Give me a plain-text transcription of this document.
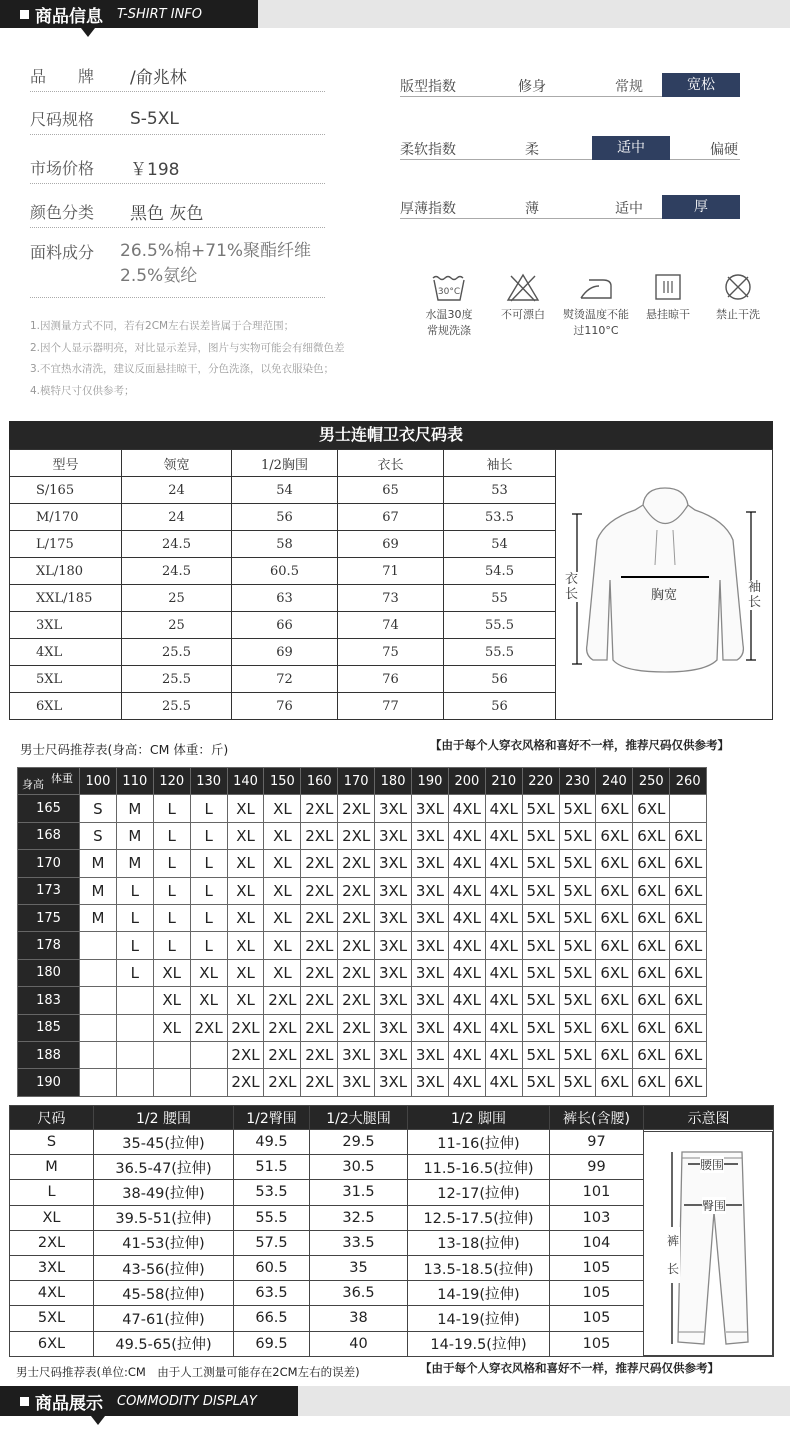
商品信息 T-SHIRT INFO
品　　牌	/俞兆林
尺码规格	S-5XL
市场价格	￥198
颜色分类	黑色 灰色
面料成分	26.5%棉+71%聚酯纤维
2.5%氨纶
版型指数	修身	常规	宽松
柔软指数	柔	适中	偏硬
厚薄指数	薄	适中	厚
30°C
水温30度
常规洗涤
不可漂白	熨烫温度不能
过110°C
悬挂晾干	禁止干洗
1.因测量方式不同，若有2CM左右误差皆属于合理范围；
2.因个人显示器明亮，对比显示差异，图片与实物可能会有细微色差
3.不宜热水清洗，建议反面悬挂晾干，分色洗涤，以免衣服染色；
4.模特尺寸仅供参考；
男士连帽卫衣尺码表
型号	领宽	1/2胸围	衣长	袖长
S/165	24	54	65	53
M/170	24	56	67	53.5
L/175	24.5	58	69	54
XL/180	24.5	60.5	71	54.5
XXL/185	25	63	73	55
3XL	25	66	74	55.5
4XL	25.5	69	75	55.5
5XL	25.5	72	76	56
6XL	25.5	76	77	56
胸宽
衣长	袖长
男士尺码推荐表(身高：CM 体重：斤)	【由于每个人穿衣风格和喜好不一样，推荐尺码仅供参考】
体重
身高	100	110	120	130	140	150	160	170	180	190	200	210	220	230	240	250	260
165	S	M	L	L	XL	XL	2XL	2XL	3XL	3XL	4XL	4XL	5XL	5XL	6XL	6XL	
168	S	M	L	L	XL	XL	2XL	2XL	3XL	3XL	4XL	4XL	5XL	5XL	6XL	6XL	6XL
170	M	M	L	L	XL	XL	2XL	2XL	3XL	3XL	4XL	4XL	5XL	5XL	6XL	6XL	6XL
173	M	L	L	L	XL	XL	2XL	2XL	3XL	3XL	4XL	4XL	5XL	5XL	6XL	6XL	6XL
175	M	L	L	L	XL	XL	2XL	2XL	3XL	3XL	4XL	4XL	5XL	5XL	6XL	6XL	6XL
178		L	L	L	XL	XL	2XL	2XL	3XL	3XL	4XL	4XL	5XL	5XL	6XL	6XL	6XL
180		L	XL	XL	XL	XL	2XL	2XL	3XL	3XL	4XL	4XL	5XL	5XL	6XL	6XL	6XL
183			XL	XL	XL	2XL	2XL	2XL	3XL	3XL	4XL	4XL	5XL	5XL	6XL	6XL	6XL
185			XL	2XL	2XL	2XL	2XL	2XL	3XL	3XL	4XL	4XL	5XL	5XL	6XL	6XL	6XL
188					2XL	2XL	2XL	3XL	3XL	3XL	4XL	4XL	5XL	5XL	6XL	6XL	6XL
190					2XL	2XL	2XL	3XL	3XL	3XL	4XL	4XL	5XL	5XL	6XL	6XL	6XL
尺码	1/2 腰围	1/2臀围	1/2大腿围	1/2 脚围	裤长(含腰)	示意图
S	35-45(拉伸)	49.5	29.5	11-16(拉伸)	97	
M	36.5-47(拉伸)	51.5	30.5	11.5-16.5(拉伸)	99	
L	38-49(拉伸)	53.5	31.5	12-17(拉伸)	101	
XL	39.5-51(拉伸)	55.5	32.5	12.5-17.5(拉伸)	103	
2XL	41-53(拉伸)	57.5	33.5	13-18(拉伸)	104	
3XL	43-56(拉伸)	60.5	35	13.5-18.5(拉伸)	105	
4XL	45-58(拉伸)	63.5	36.5	14-19(拉伸)	105	
5XL	47-61(拉伸)	66.5	38	14-19(拉伸)	105	
6XL	49.5-65(拉伸)	69.5	40	14-19.5(拉伸)	105	
腰围
臀围
裤长
男士尺码推荐表(单位:CM　由于人工测量可能存在2CM左右的误差)	【由于每个人穿衣风格和喜好不一样，推荐尺码仅供参考】
商品展示 COMMODITY DISPLAY
